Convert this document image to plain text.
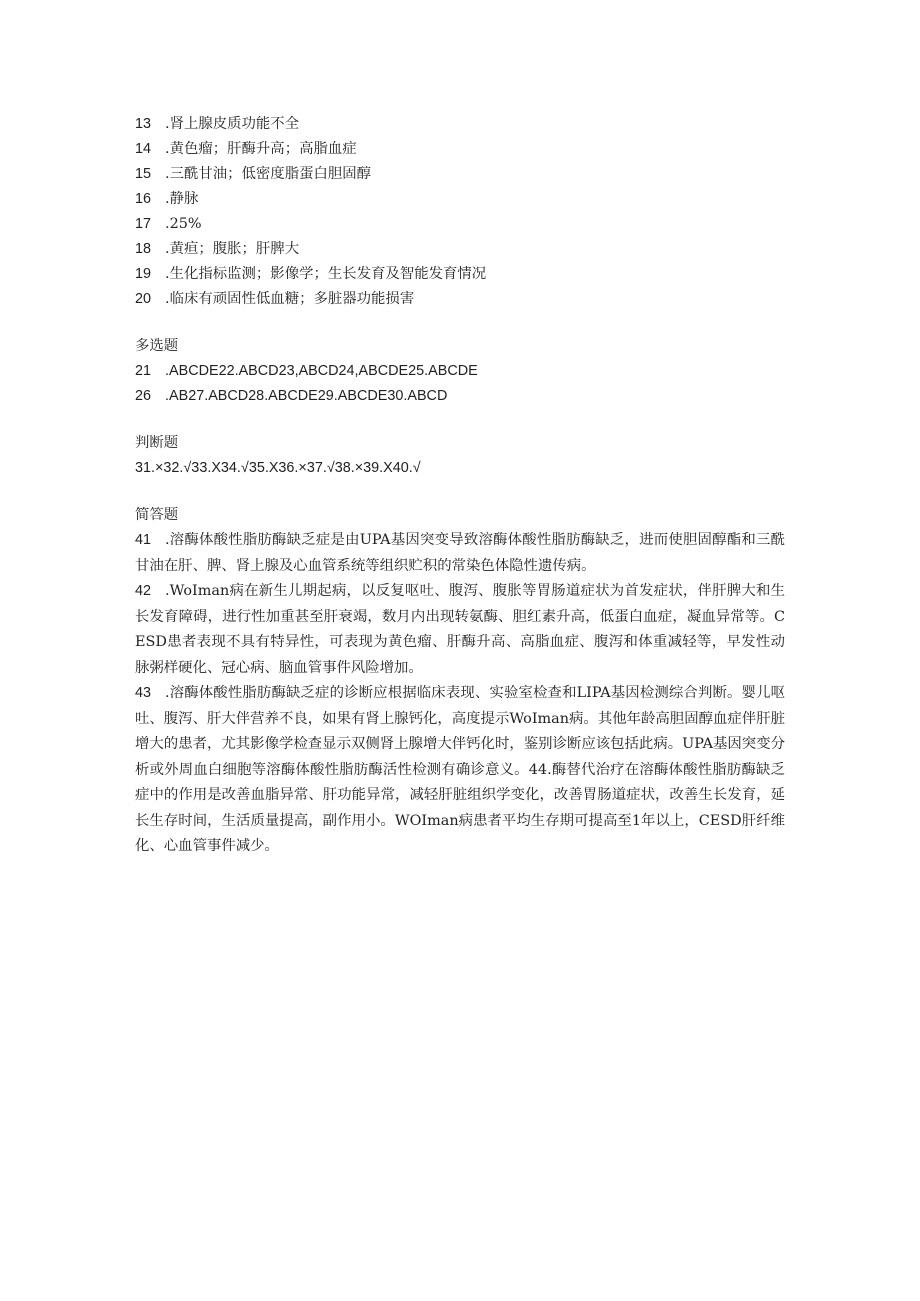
13 .肾上腺皮质功能不全
14 .黄色瘤；肝酶升高；高脂血症
15 .三酰甘油；低密度脂蛋白胆固醇
16 .静脉
17 .25%
18 .黄疸；腹胀；肝脾大
19 .生化指标监测；影像学；生长发育及智能发育情况
20 .临床有顽固性低血糖；多脏器功能损害
多选题
21 .ABCDE22.ABCD23,ABCD24,ABCDE25.ABCDE
26 .AB27.ABCD28.ABCDE29.ABCDE30.ABCD
判断题
31.×32.√33.X34.√35.X36.×37.√38.×39.X40.√
简答题
41 .溶酶体酸性脂肪酶缺乏症是由UPA基因突变导致溶酶体酸性脂肪酶缺乏，进而使胆固醇酯和三酰甘油在肝、脾、肾上腺及心血管系统等组织贮积的常染色体隐性遗传病。
42 .WoIman病在新生儿期起病，以反复呕吐、腹泻、腹胀等胃肠道症状为首发症状，伴肝脾大和生长发育障碍，进行性加重甚至肝衰竭，数月内出现转氨酶、胆红素升高，低蛋白血症，凝血异常等。CESD患者表现不具有特异性，可表现为黄色瘤、肝酶升高、高脂血症、腹泻和体重减轻等，早发性动脉粥样硬化、冠心病、脑血管事件风险增加。
43 .溶酶体酸性脂肪酶缺乏症的诊断应根据临床表现、实验室检查和LIPA基因检测综合判断。婴儿呕吐、腹泻、肝大伴营养不良，如果有肾上腺钙化，高度提示WoIman病。其他年龄高胆固醇血症伴肝脏增大的患者，尤其影像学检查显示双侧肾上腺增大伴钙化时，鉴别诊断应该包括此病。UPA基因突变分析或外周血白细胞等溶酶体酸性脂肪酶活性检测有确诊意义。44.酶替代治疗在溶酶体酸性脂肪酶缺乏症中的作用是改善血脂异常、肝功能异常，减轻肝脏组织学变化，改善胃肠道症状，改善生长发育，延长生存时间，生活质量提高，副作用小。WOIman病患者平均生存期可提高至1年以上，CESD肝纤维化、心血管事件减少。
